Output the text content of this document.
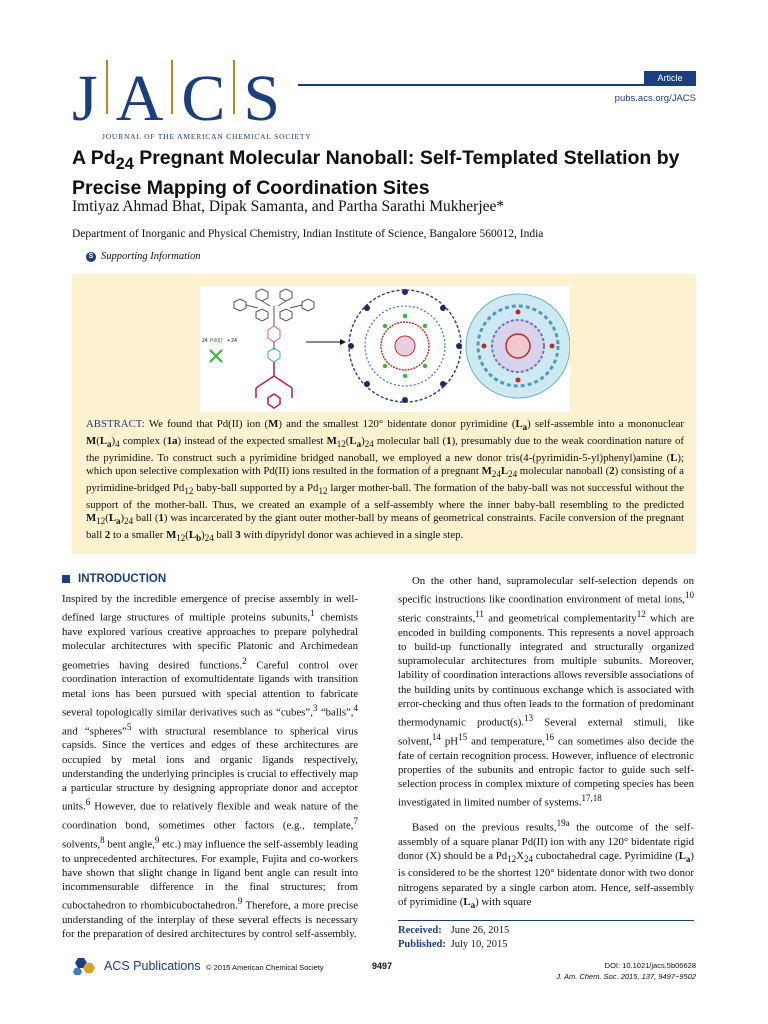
J A C S
JOURNAL OF THE AMERICAN CHEMICAL SOCIETY
Article
pubs.acs.org/JACS
A $Pd_{24}$ Pregnant Molecular Nanoball: Self-Templated Stellation by Precise Mapping of Coordination Sites
Imtiyaz Ahmad Bhat, Dipak Samanta, and Partha Sarathi Mukherjee*
Department of Inorganic and Physical Chemistry, Indian Institute of Science, Bangalore 560012, India
S Supporting Information
24 Pd(II) + 24
ABSTRACT: We found that Pd(II) ion (M) and the smallest 120° bidentate donor pyrimidine $(L_a)$ self-assemble into a mononuclear $M(L_a)_4$ complex (1a) instead of the expected smallest $M_{12}(L_a)_{24}$ molecular ball (1), presumably due to the weak coordination nature of the pyrimidine. To construct such a pyrimidine bridged nanoball, we employed a new donor tris(4-(pyrimidin-5-yl)phenyl)amine (L); which upon selective complexation with Pd(II) ions resulted in the formation of a pregnant $M_{24}L_{24}$ molecular nanoball (2) consisting of a pyrimidine-bridged $Pd_{12}$ baby-ball supported by a $Pd_{12}$ larger mother-ball. The formation of the baby-ball was not successful without the support of the mother-ball. Thus, we created an example of a self-assembly where the inner baby-ball resembling to the predicted $M_{12}(L_a)_{24}$ ball (1) was incarcerated by the giant outer mother-ball by means of geometrical constraints. Facile conversion of the pregnant ball 2 to a smaller $M_{12}(L_b)_{24}$ ball 3 with dipyridyl donor was achieved in a single step.
INTRODUCTION

Inspired by the incredible emergence of precise assembly in well-defined large structures of multiple proteins subunits,$^1$ chemists have explored various creative approaches to prepare polyhedral molecular architectures with specific Platonic and Archimedean geometries having desired functions.$^2$ Careful control over coordination interaction of exomultidentate ligands with transition metal ions has been pursued with special attention to fabricate several topologically similar derivatives such as “cubes”,$^3$ “balls”,$^4$ and “spheres”$^5$ with structural resemblance to spherical virus capsids. Since the vertices and edges of these architectures are occupied by metal ions and organic ligands respectively, understanding the underlying principles is crucial to effectively map a particular structure by designing appropriate donor and acceptor units.$^6$ However, due to relatively flexible and weak nature of the coordination bond, sometimes other factors (e.g., template,$^7$ solvents,$^8$ bent angle,$^9$ etc.) may influence the self-assembly leading to unprecedented architectures. For example, Fujita and co-workers have shown that slight change in ligand bent angle can result into incommensurable difference in the final structures; from cuboctahedron to rhombicuboctahedron.$^9$ Therefore, a more precise understanding of the interplay of these several effects is necessary for the preparation of desired architectures by control self-assembly.

On the other hand, supramolecular self-selection depends on specific instructions like coordination environment of metal ions,$^{10}$ steric constraints,$^{11}$ and geometrical complementarity$^{12}$ which are encoded in building components. This represents a novel approach to build-up functionally integrated and structurally organized supramolecular architectures from multiple subunits. Moreover, lability of coordination interactions allows reversible associations of the building units by continuous exchange which is associated with error-checking and thus often leads to the formation of predominant thermodynamic product(s).$^{13}$ Several external stimuli, like solvent,$^{14}$ $pH^{15}$ and temperature,$^{16}$ can sometimes also decide the fate of certain recognition process. However, influence of electronic properties of the subunits and entropic factor to guide such self-selection process in complex mixture of competing species has been investigated in limited number of systems.$^{17,18}$

Based on the previous results,$^{19a}$ the outcome of the self-assembly of a square planar Pd(II) ion with any 120° bidentate rigid donor (X) should be a $Pd_{12}X_{24}$ cuboctahedral cage. Pyrimidine $(L_a)$ is considered to be the shortest 120° bidentate donor with two donor nitrogens separated by a single carbon atom. Hence, self-assembly of pyrimidine $(L_a)$ with square

Received: June 26, 2015
Published: July 10, 2015
ACS Publications © 2015 American Chemical Society	9497	DOI: 10.1021/jacs.5b06628
J. Am. Chem. Soc. 2015, 137, 9497−9502
